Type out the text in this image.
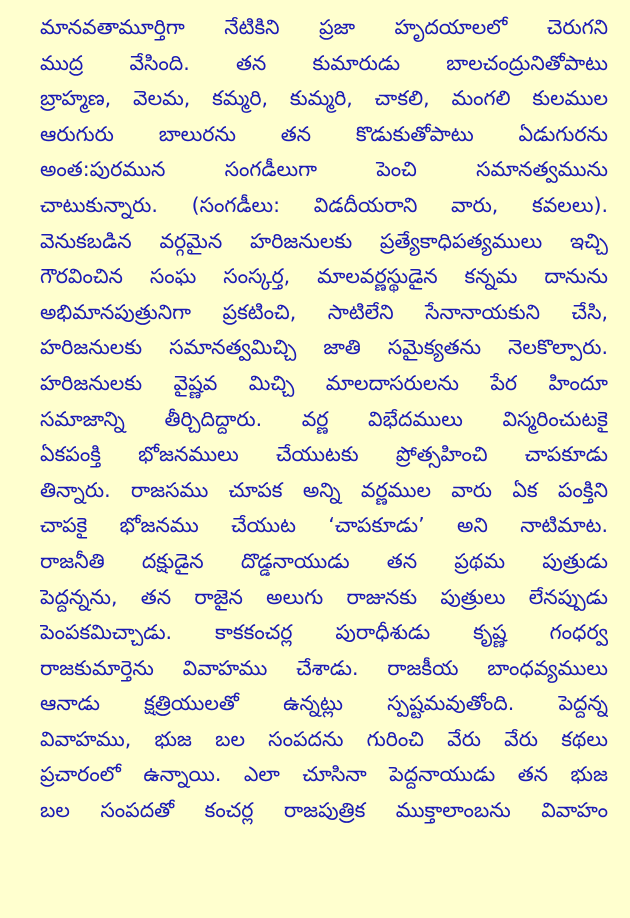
మానవతామూర్తిగా నేటికిని ప్రజా హృదయాలలో చెరుగని
ముద్ర వేసింది. తన కుమారుడు బాలచంద్రునితోపాటు
బ్రాహ్మణ, వెలమ, కమ్మరి, కుమ్మరి, చాకలి, మంగలి కులముల
ఆరుగురు బాలురను తన కొడుకుతోపాటు ఏడుగురను
అంత:పురమున సంగడీలుగా పెంచి సమానత్వమును
చాటుకున్నారు. (సంగడీలు: విడదీయరాని వారు, కవలలు).
వెనుకబడిన వర్గమైన హరిజనులకు ప్రత్యేకాధిపత్యములు ఇచ్చి
గౌరవించిన సంఘ సంస్కర్త, మాలవర్ణస్థుడైన కన్నమ దానును
అభిమానపుత్రునిగా ప్రకటించి, సాటిలేని సేనానాయకుని చేసి,
హరిజనులకు సమానత్వమిచ్చి జాతి సమైక్యతను నెలకొల్పారు.
హరిజనులకు వైష్ణవ మిచ్చి మాలదాసరులను పేర హిందూ
సమాజాన్ని తీర్చిదిద్దారు. వర్ణ విభేదములు విస్మరించుటకై
ఏకపంక్తి భోజనములు చేయుటకు ప్రోత్సహించి చాపకూడు
తిన్నారు. రాజసము చూపక అన్ని వర్ణముల వారు ఏక పంక్తిని
చాపకై భోజనము చేయుట ‘చాపకూడు’ అని నాటిమాట.
రాజనీతి దక్షుడైన దొడ్డనాయుడు తన ప్రథమ పుత్రుడు
పెద్దన్నను, తన రాజైన అలుగు రాజునకు పుత్రులు లేనప్పుడు
పెంపకమిచ్చాడు. కాకకంచర్ల పురాధీశుడు కృష్ణ గంధర్వ
రాజకుమార్తెను వివాహము చేశాడు. రాజకీయ బాంధవ్యములు
ఆనాడు క్షత్రియులతో ఉన్నట్లు స్పష్టమవుతోంది. పెద్దన్న
వివాహము, భుజ బల సంపదను గురించి వేరు వేరు కథలు
ప్రచారంలో ఉన్నాయి. ఎలా చూసినా పెద్దనాయుడు తన భుజ
బల సంపదతో కంచర్ల రాజపుత్రిక ముక్తాలాంబను వివాహం
